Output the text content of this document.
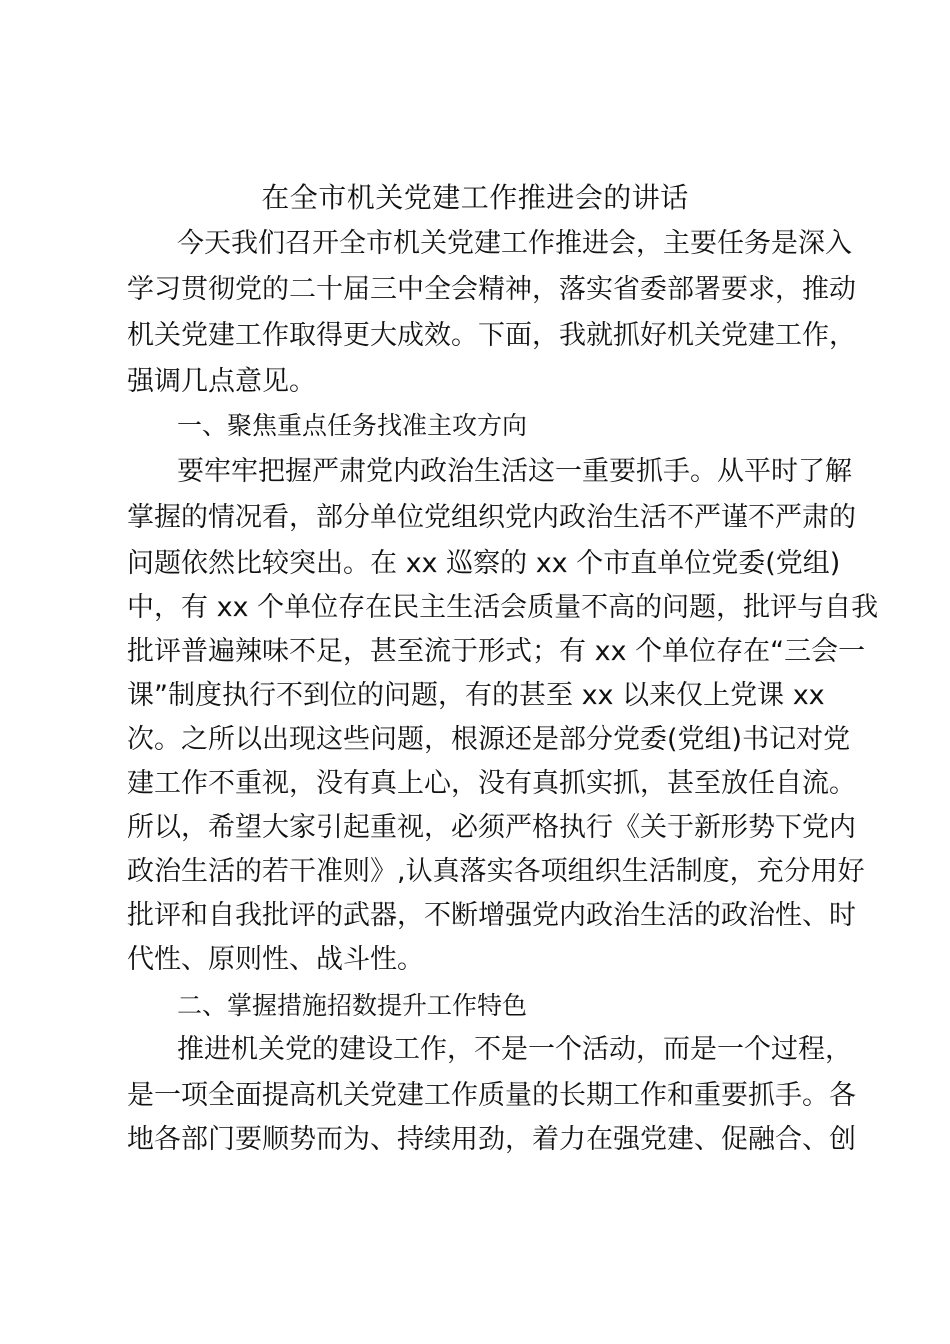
在全市机关党建工作推进会的讲话
今天我们召开全市机关党建工作推进会，主要任务是深入
学习贯彻党的二十届三中全会精神，落实省委部署要求，推动
机关党建工作取得更大成效。下面，我就抓好机关党建工作，
强调几点意见。
一、聚焦重点任务找准主攻方向
要牢牢把握严肃党内政治生活这一重要抓手。从平时了解
掌握的情况看，部分单位党组织党内政治生活不严谨不严肃的
问题依然比较突出。在 xx 巡察的 xx 个市直单位党委(党组)
中，有 xx 个单位存在民主生活会质量不高的问题，批评与自我
批评普遍辣味不足，甚至流于形式；有 xx 个单位存在“三会一
课”制度执行不到位的问题，有的甚至 xx 以来仅上党课 xx
次。之所以出现这些问题，根源还是部分党委(党组)书记对党
建工作不重视，没有真上心，没有真抓实抓，甚至放任自流。
所以，希望大家引起重视，必须严格执行《关于新形势下党内
政治生活的若干准则》,认真落实各项组织生活制度，充分用好
批评和自我批评的武器，不断增强党内政治生活的政治性、时
代性、原则性、战斗性。
二、掌握措施招数提升工作特色
推进机关党的建设工作，不是一个活动，而是一个过程，
是一项全面提高机关党建工作质量的长期工作和重要抓手。各
地各部门要顺势而为、持续用劲，着力在强党建、促融合、创
